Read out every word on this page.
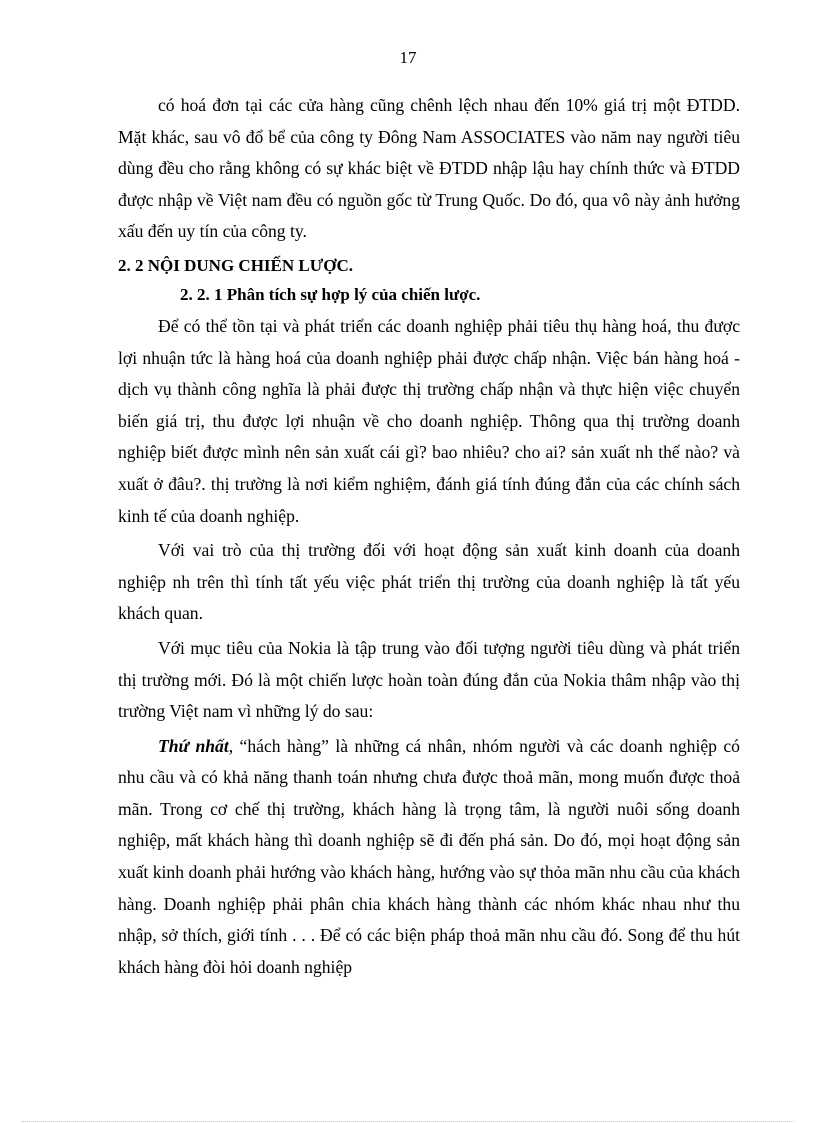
17

có hoá đơn tại các cửa hàng cũng chênh lệch nhau đến 10% giá trị một ĐTDD. Mặt khác, sau vô đổ bể của công ty Đông Nam ASSOCIATES vào năm nay người tiêu dùng đều cho rằng không có sự khác biệt về ĐTDD nhập lậu hay chính thức và ĐTDD được nhập về Việt nam đều có nguồn gốc từ Trung Quốc. Do đó, qua vô này ảnh hưởng xấu đến uy tín của công ty.

2. 2 NỘI DUNG CHIẾN LƯỢC.

2. 2. 1 Phân tích sự hợp lý của chiến lược.

Để có thể tồn tại và phát triển các doanh nghiệp phải tiêu thụ hàng hoá, thu được lợi nhuận tức là hàng hoá của doanh nghiệp phải được chấp nhận. Việc bán hàng hoá - dịch vụ thành công nghĩa là phải được thị trường chấp nhận và thực hiện việc chuyển biến giá trị, thu được lợi nhuận về cho doanh nghiệp. Thông qua thị trường doanh nghiệp biết được mình nên sản xuất cái gì? bao nhiêu? cho ai? sản xuất nh thế nào? và xuất ở đâu?. thị trường là nơi kiểm nghiệm, đánh giá tính đúng đắn của các chính sách kinh tế của doanh nghiệp.

Với vai trò của thị trường đối với hoạt động sản xuất kinh doanh của doanh nghiệp nh trên thì tính tất yếu việc phát triển thị trường của doanh nghiệp là tất yếu khách quan.

Với mục tiêu của Nokia là tập trung vào đối tượng người tiêu dùng và phát triển thị trường mới. Đó là một chiến lược hoàn toàn đúng đắn của Nokia thâm nhập vào thị trường Việt nam vì những lý do sau:

Thứ nhất, “hách hàng” là những cá nhân, nhóm người và các doanh nghiệp có nhu cầu và có khả năng thanh toán nhưng chưa được thoả mãn, mong muốn được thoả mãn. Trong cơ chế thị trường, khách hàng là trọng tâm, là người nuôi sống doanh nghiệp, mất khách hàng thì doanh nghiệp sẽ đi đến phá sản. Do đó, mọi hoạt động sản xuất kinh doanh phải hướng vào khách hàng, hướng vào sự thỏa mãn nhu cầu của khách hàng. Doanh nghiệp phải phân chia khách hàng thành các nhóm khác nhau như thu nhập, sở thích, giới tính . . . Để có các biện pháp thoả mãn nhu cầu đó. Song để thu hút khách hàng đòi hỏi doanh nghiệp
